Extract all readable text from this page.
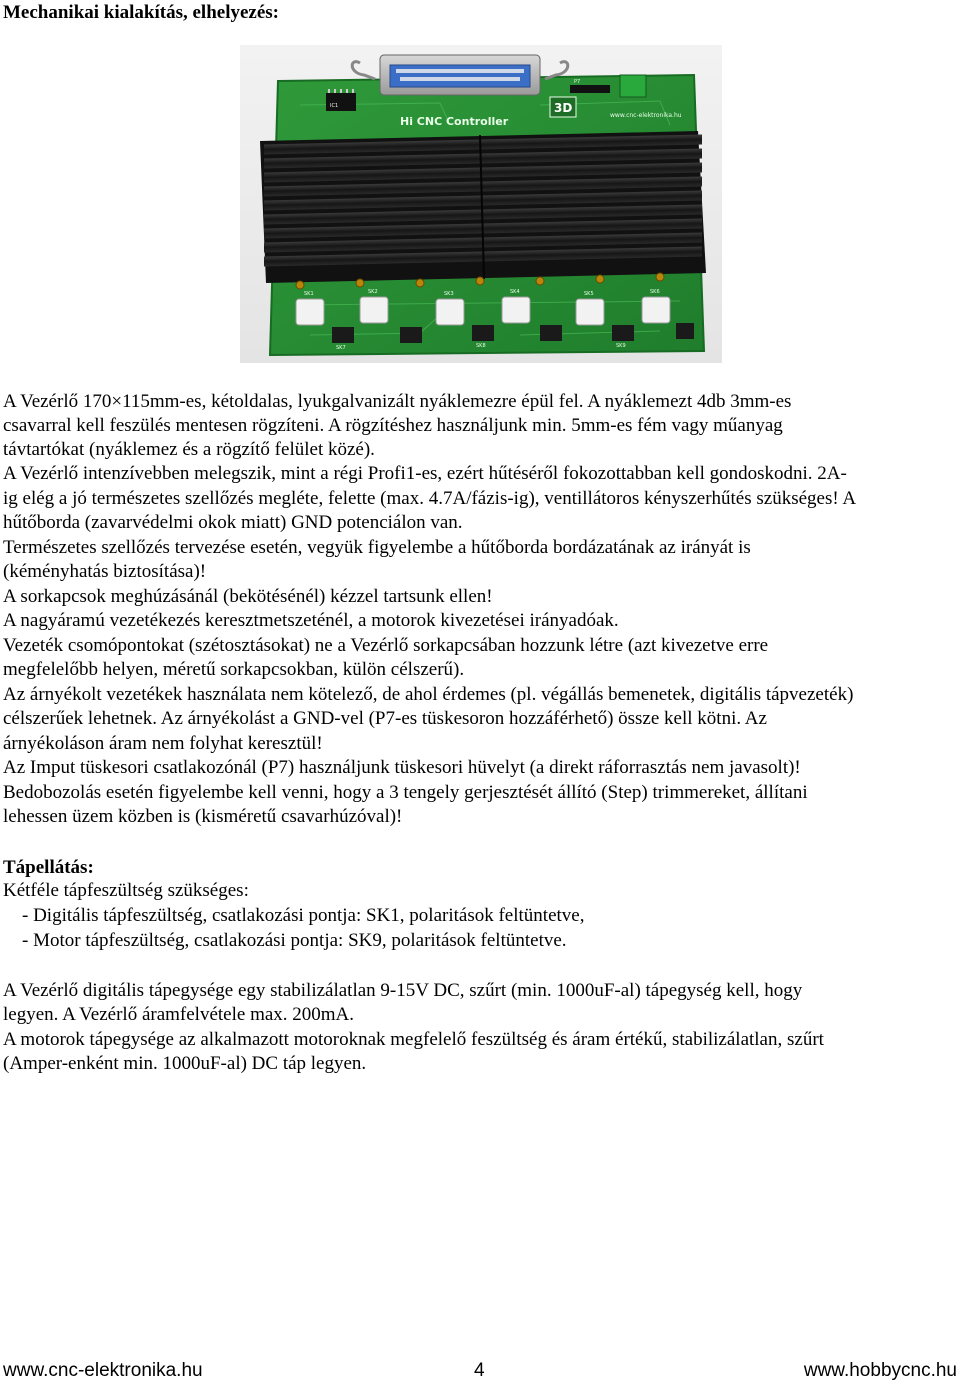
Mechanikai kialakítás, elhelyezés:
Hi CNC Controller
3D
www.cnc-elektronika.hu
SK1	SK2	SK3	SK4	SK5	SK6
SK7	SK8	SK9
IC1
P7
A Vezérlő 170×115mm-es, kétoldalas, lyukgalvanizált nyáklemezre épül fel. A nyáklemezt 4db 3mm-es
csavarral kell feszülés mentesen rögzíteni. A rögzítéshez használjunk min. 5mm-es fém vagy műanyag
távtartókat (nyáklemez és a rögzítő felület közé).
A Vezérlő intenzívebben melegszik, mint a régi Profi1-es, ezért hűtéséről fokozottabban kell gondoskodni. 2A-
ig elég a jó természetes szellőzés megléte, felette (max. 4.7A/fázis-ig), ventillátoros kényszerhűtés szükséges! A
hűtőborda (zavarvédelmi okok miatt) GND potenciálon van.
Természetes szellőzés tervezése esetén, vegyük figyelembe a hűtőborda bordázatának az irányát is
(kéményhatás biztosítása)!
A sorkapcsok meghúzásánál (bekötésénél) kézzel tartsunk ellen!
A nagyáramú vezetékezés keresztmetszeténél, a motorok kivezetései irányadóak.
Vezeték csomópontokat (szétosztásokat) ne a Vezérlő sorkapcsában hozzunk létre (azt kivezetve erre
megfelelőbb helyen, méretű sorkapcsokban, külön célszerű).
Az árnyékolt vezetékek használata nem kötelező, de ahol érdemes (pl. végállás bemenetek, digitális tápvezeték)
célszerűek lehetnek. Az árnyékolást a GND-vel (P7-es tüskesoron hozzáférhető) össze kell kötni. Az
árnyékoláson áram nem folyhat keresztül!
Az Imput tüskesori csatlakozónál (P7) használjunk tüskesori hüvelyt (a direkt ráforrasztás nem javasolt)!
Bedobozolás esetén figyelembe kell venni, hogy a 3 tengely gerjesztését állító (Step) trimmereket, állítani
lehessen üzem közben is (kisméretű csavarhúzóval)!
Tápellátás:
Kétféle tápfeszültség szükséges:
- Digitális tápfeszültség, csatlakozási pontja: SK1, polaritások feltüntetve,
- Motor tápfeszültség, csatlakozási pontja: SK9, polaritások feltüntetve.
A Vezérlő digitális tápegysége egy stabilizálatlan 9-15V DC, szűrt (min. 1000uF-al) tápegység kell, hogy
legyen. A Vezérlő áramfelvétele max. 200mA.
A motorok tápegysége az alkalmazott motoroknak megfelelő feszültség és áram értékű, stabilizálatlan, szűrt
(Amper-enként min. 1000uF-al) DC táp legyen.
www.cnc-elektronika.hu	4	www.hobbycnc.hu
